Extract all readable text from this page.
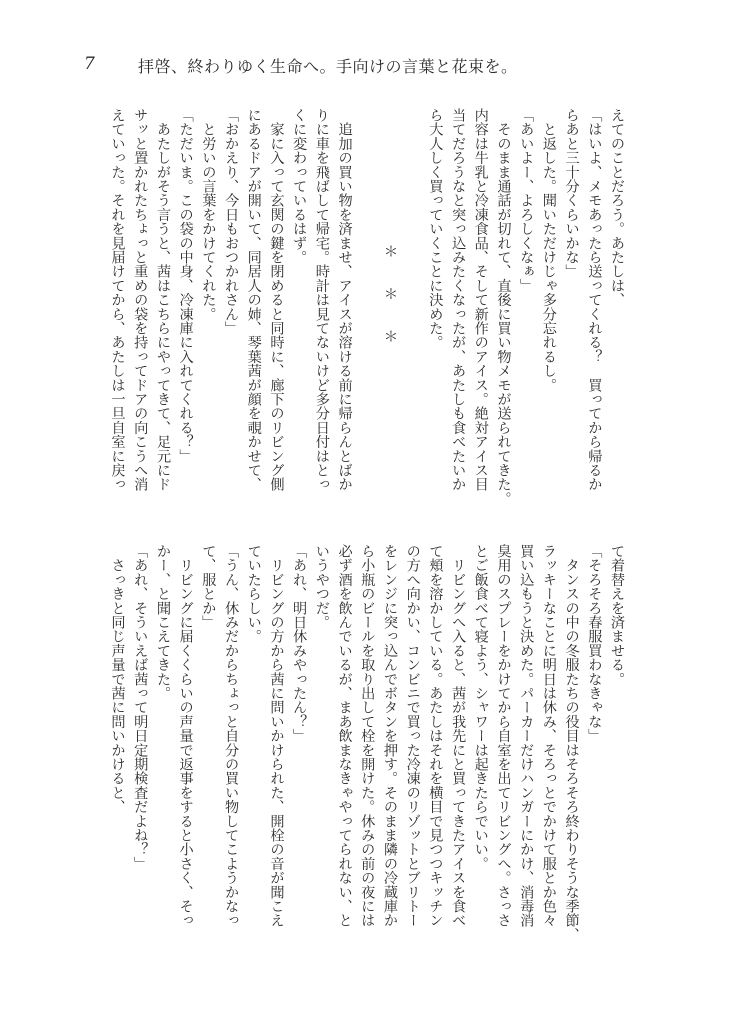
7	拝啓、終わりゆく生命へ。手向けの言葉と花束を。
えてのことだろう。あたしは、
「はいよ、メモあったら送ってくれる？　買ってから帰るか
らあと三十分くらいかな」
　と返した。聞いただけじゃ多分忘れるし。
「あいよー、よろしくなぁ」
　そのまま通話が切れて、直後に買い物メモが送られてきた。
内容は牛乳と冷凍食品、そして新作のアイス。絶対アイス目
当てだろうなと突っ込みたくなったが、あたしも食べたいか
ら大人しく買っていくことに決めた。
＊　　＊　　＊
　追加の買い物を済ませ、アイスが溶ける前に帰らんとばか
りに車を飛ばして帰宅。時計は見てないけど多分日付はとっ
くに変わっているはず。
　家に入って玄関の鍵を閉めると同時に、廊下のリビング側
にあるドアが開いて、同居人の姉、琴葉茜が顔を覗かせて、
「おかえり、今日もおつかれさん」
　と労いの言葉をかけてくれた。
「ただいま。この袋の中身、冷凍庫に入れてくれる？」
　あたしがそう言うと、茜はこちらにやってきて、足元にド
サッと置かれたちょっと重めの袋を持ってドアの向こうへ消
えていった。それを見届けてから、あたしは一旦自室に戻っ
て着替えを済ませる。
「そろそろ春服買わなきゃな」
　タンスの中の冬服たちの役目はそろそろ終わりそうな季節、
ラッキーなことに明日は休み、そろっとでかけて服とか色々
買い込もうと決めた。パーカーだけハンガーにかけ、消毒消
臭用のスプレーをかけてから自室を出てリビングへ。さっさ
とご飯食べて寝よう、シャワーは起きたらでいい。
　リビングへ入ると、茜が我先にと買ってきたアイスを食べ
て頬を溶かしている。あたしはそれを横目で見つつキッチン
の方へ向かい、コンビニで買った冷凍のリゾットとブリトー
をレンジに突っ込んでボタンを押す。そのまま隣の冷蔵庫か
ら小瓶のビールを取り出して栓を開けた。休みの前の夜には
必ず酒を飲んでいるが、まあ飲まなきゃやってられない、と
いうやつだ。
「あれ、明日休みやったん？」
　リビングの方から茜に問いかけられた、開栓の音が聞こえ
ていたらしい。
「うん、休みだからちょっと自分の買い物してこようかなっ
て、服とか」
　リビングに届くくらいの声量で返事をすると小さく、そっ
かー、と聞こえてきた。
「あれ、そういえば茜って明日定期検査だよね？」
　さっきと同じ声量で茜に問いかけると、
